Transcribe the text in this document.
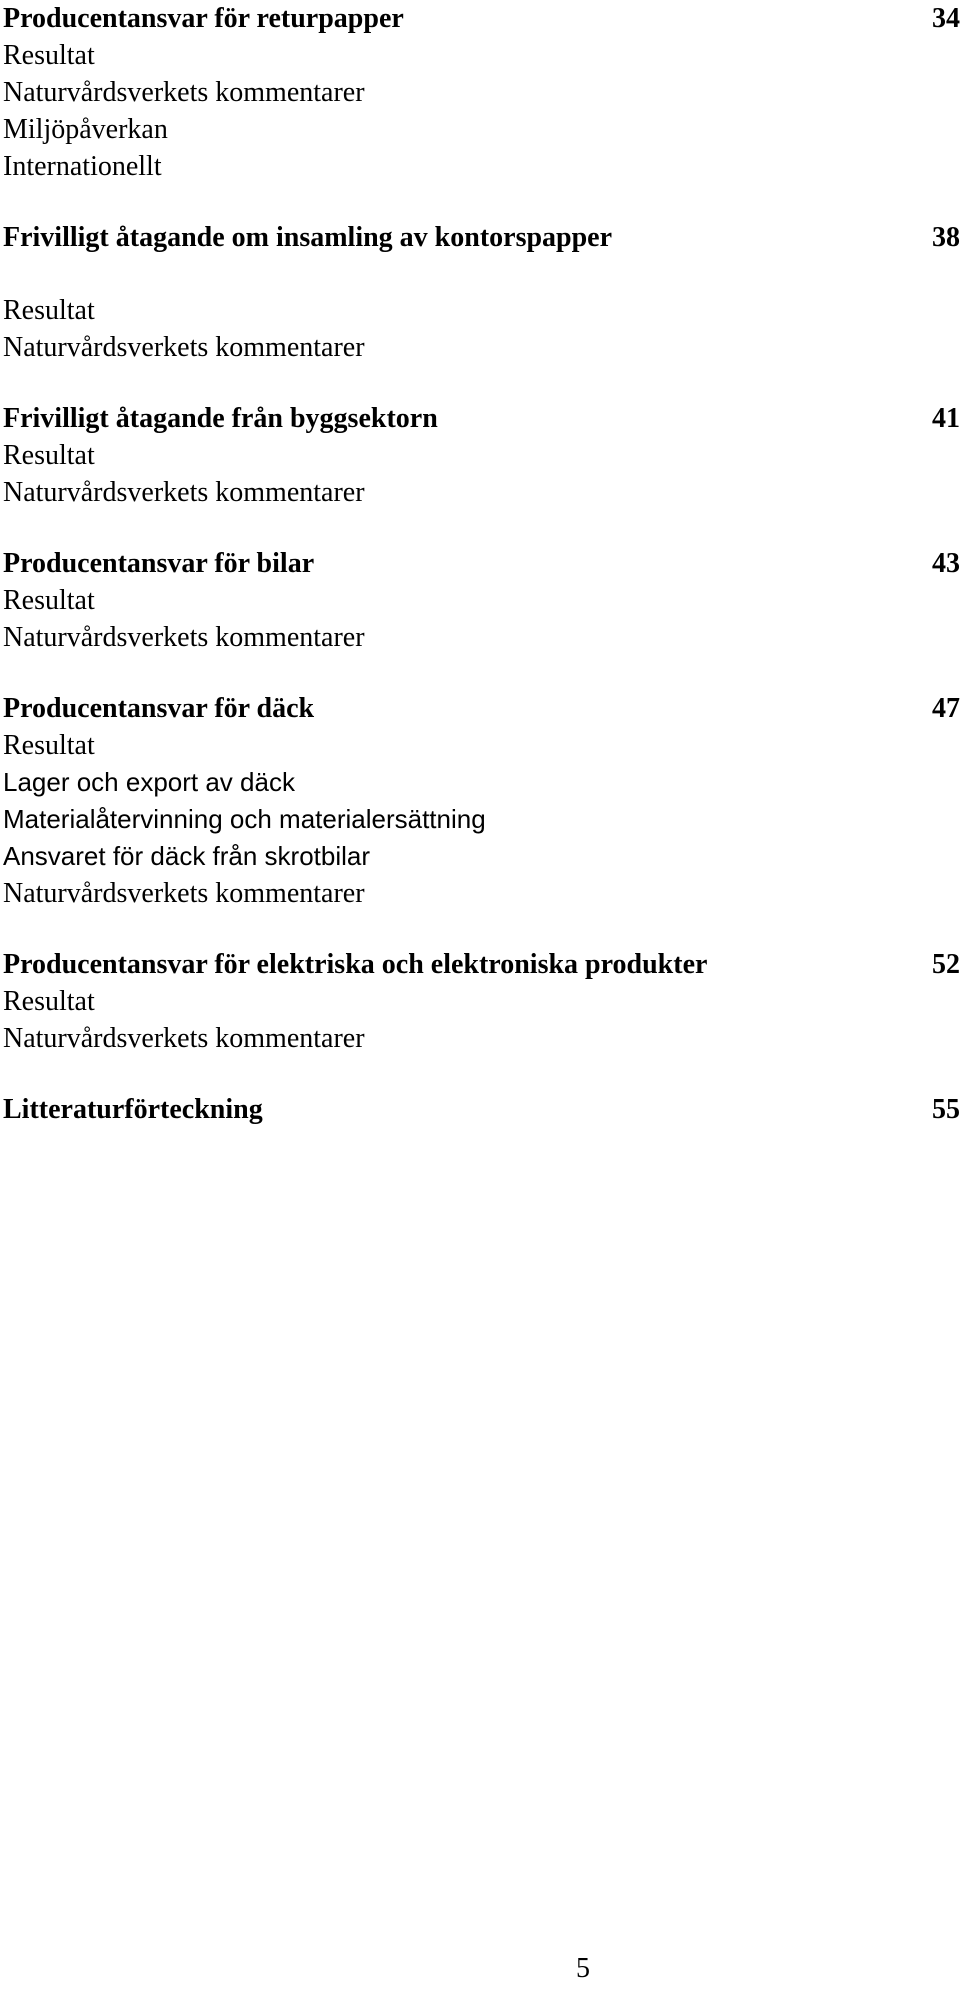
Producentansvar för returpapper	34
Resultat
Naturvårdsverkets kommentarer
Miljöpåverkan
Internationellt
Frivilligt åtagande om insamling av kontorspapper	38
Resultat
Naturvårdsverkets kommentarer
Frivilligt åtagande från byggsektorn	41
Resultat
Naturvårdsverkets kommentarer
Producentansvar för bilar	43
Resultat
Naturvårdsverkets kommentarer
Producentansvar för däck	47
Resultat
Lager och export av däck
Materialåtervinning och materialersättning
Ansvaret för däck från skrotbilar
Naturvårdsverkets kommentarer
Producentansvar för elektriska och elektroniska produkter	52
Resultat
Naturvårdsverkets kommentarer
Litteraturförteckning	55
5
